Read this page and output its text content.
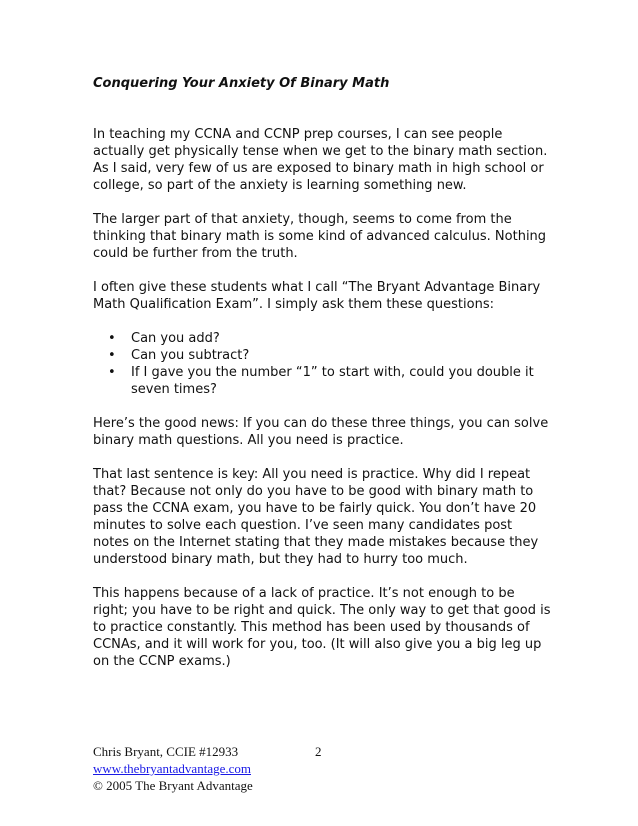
Conquering Your Anxiety Of Binary Math

In teaching my CCNA and CCNP prep courses, I can see people
actually get physically tense when we get to the binary math section.
As I said, very few of us are exposed to binary math in high school or
college, so part of the anxiety is learning something new.

The larger part of that anxiety, though, seems to come from the
thinking that binary math is some kind of advanced calculus. Nothing
could be further from the truth.

I often give these students what I call “The Bryant Advantage Binary
Math Qualification Exam”. I simply ask them these questions:

• Can you add?
• Can you subtract?
• If I gave you the number “1” to start with, could you double it
seven times?

Here’s the good news: If you can do these three things, you can solve
binary math questions. All you need is practice.

That last sentence is key: All you need is practice. Why did I repeat
that? Because not only do you have to be good with binary math to
pass the CCNA exam, you have to be fairly quick. You don’t have 20
minutes to solve each question. I’ve seen many candidates post
notes on the Internet stating that they made mistakes because they
understood binary math, but they had to hurry too much.

This happens because of a lack of practice. It’s not enough to be
right; you have to be right and quick. The only way to get that good is
to practice constantly. This method has been used by thousands of
CCNAs, and it will work for you, too. (It will also give you a big leg up
on the CCNP exams.)

Chris Bryant, CCIE #12933	2
www.thebryantadvantage.com
© 2005 The Bryant Advantage
